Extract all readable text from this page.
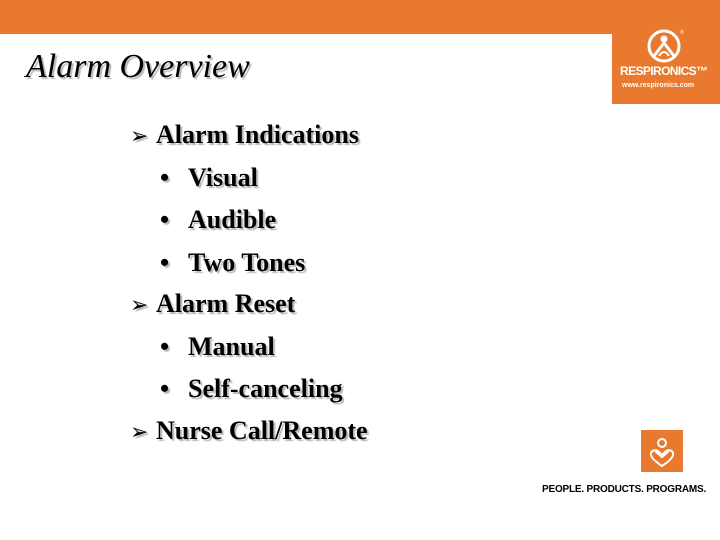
®
RESPIRONICS™
www.respironics.com
Alarm Overview
➢ Alarm Indications
• Visual
• Audible
• Two Tones
➢ Alarm Reset
• Manual
• Self-canceling
➢ Nurse Call/Remote
PEOPLE. PRODUCTS. PROGRAMS.
